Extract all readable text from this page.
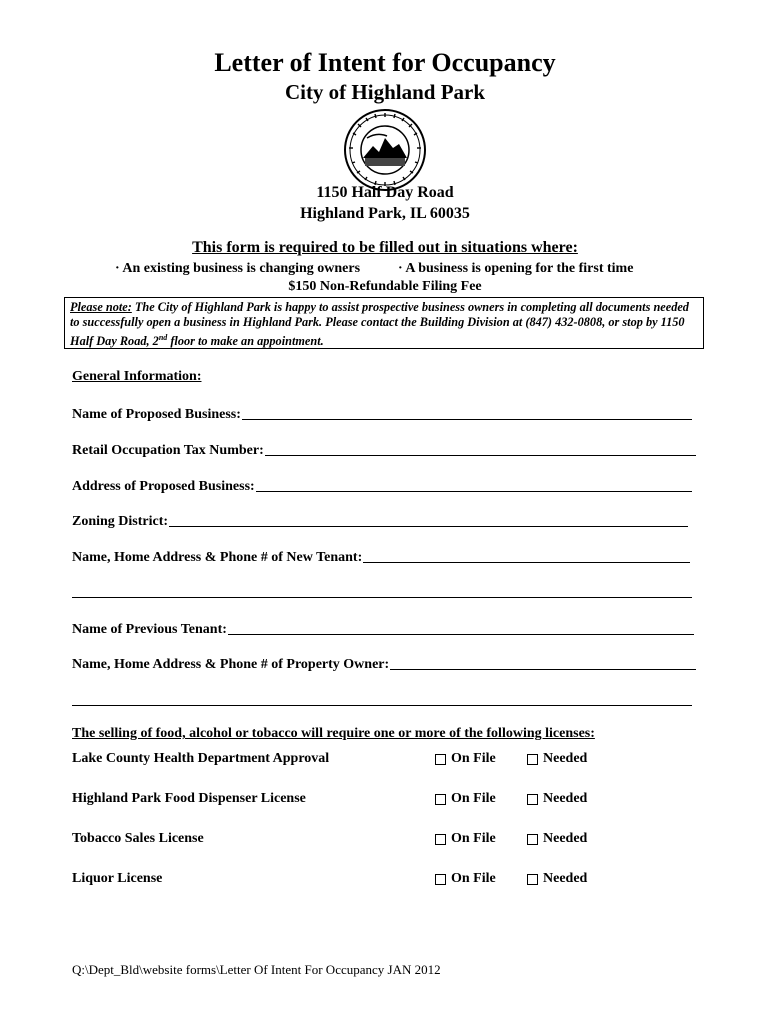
Letter of Intent for Occupancy
City of Highland Park
1150 Half Day Road
Highland Park, IL 60035
This form is required to be filled out in situations where:
· An existing business is changing owners	· A business is opening for the first time
$150 Non-Refundable Filing Fee
Please note: The City of Highland Park is happy to assist prospective business owners in completing all documents needed to successfully open a business in Highland Park. Please contact the Building Division at (847) 432-0808, or stop by 1150 Half Day Road, 2nd floor to make an appointment.
General Information:
Name of Proposed Business:
Retail Occupation Tax Number:
Address of Proposed Business:
Zoning District:
Name, Home Address & Phone # of New Tenant:
Name of Previous Tenant:
Name, Home Address & Phone # of Property Owner:
The selling of food, alcohol or tobacco will require one or more of the following licenses:
Lake County Health Department Approval	On File	Needed
Highland Park Food Dispenser License	On File	Needed
Tobacco Sales License	On File	Needed
Liquor License	On File	Needed
Q:\Dept_Bld\website forms\Letter Of Intent For Occupancy JAN 2012
